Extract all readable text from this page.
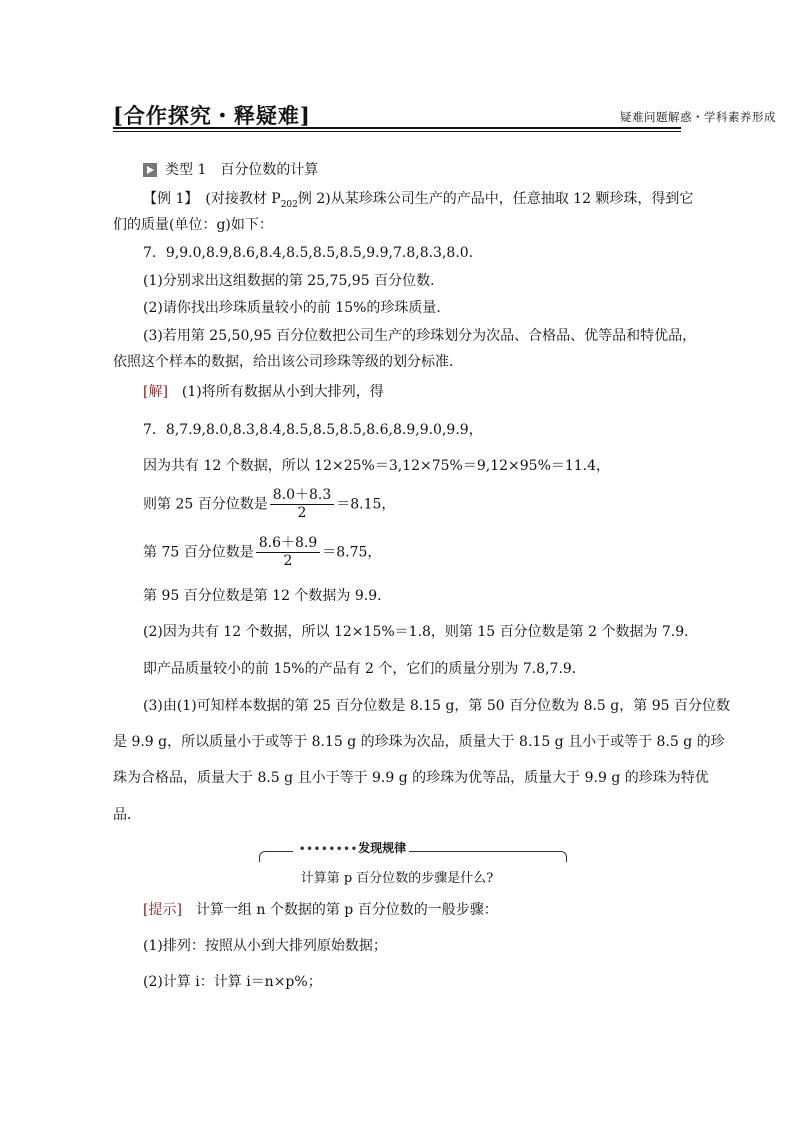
[合作探究・释疑难]	疑难问题解惑・学科素养形成
类型 1　百分位数的计算
【例 1】　(对接教材 $P_{202}$例 2)从某珍珠公司生产的产品中，任意抽取 12 颗珍珠，得到它
们的质量(单位：g)如下：
7．9,9.0,8.9,8.6,8.4,8.5,8.5,8.5,9.9,7.8,8.3,8.0．
(1)分别求出这组数据的第 25,75,95 百分位数．
(2)请你找出珍珠质量较小的前 15%的珍珠质量．
(3)若用第 25,50,95 百分位数把公司生产的珍珠划分为次品、合格品、优等品和特优品，
依照这个样本的数据，给出该公司珍珠等级的划分标准．
[解]　(1)将所有数据从小到大排列，得
7．8,7.9,8.0,8.3,8.4,8.5,8.5,8.5,8.6,8.9,9.0,9.9，
因为共有 12 个数据，所以 12×25%＝3,12×75%＝9,12×95%＝11.4，
则第 25 百分位数是 $\frac{8.0+8.3}{2} =8.15$，
第 75 百分位数是 $\frac{8.6+8.9}{2} =8.75$，
第 95 百分位数是第 12 个数据为 9.9．
(2)因为共有 12 个数据，所以 12×15%＝1.8，则第 15 百分位数是第 2 个数据为 7.9．
即产品质量较小的前 15%的产品有 2 个，它们的质量分别为 7.8,7.9．
(3)由(1)可知样本数据的第 25 百分位数是 8.15 g，第 50 百分位数为 8.5 g，第 95 百分位数
是 9.9 g，所以质量小于或等于 8.15 g 的珍珠为次品，质量大于 8.15 g 且小于或等于 8.5 g 的珍
珠为合格品，质量大于 8.5 g 且小于等于 9.9 g 的珍珠为优等品，质量大于 9.9 g 的珍珠为特优
品．
••••••••发现规律
计算第 p 百分位数的步骤是什么?
[提示]　计算一组 n 个数据的第 p 百分位数的一般步骤：
(1)排列：按照从小到大排列原始数据；
(2)计算 i：计算 i＝n×p%；
